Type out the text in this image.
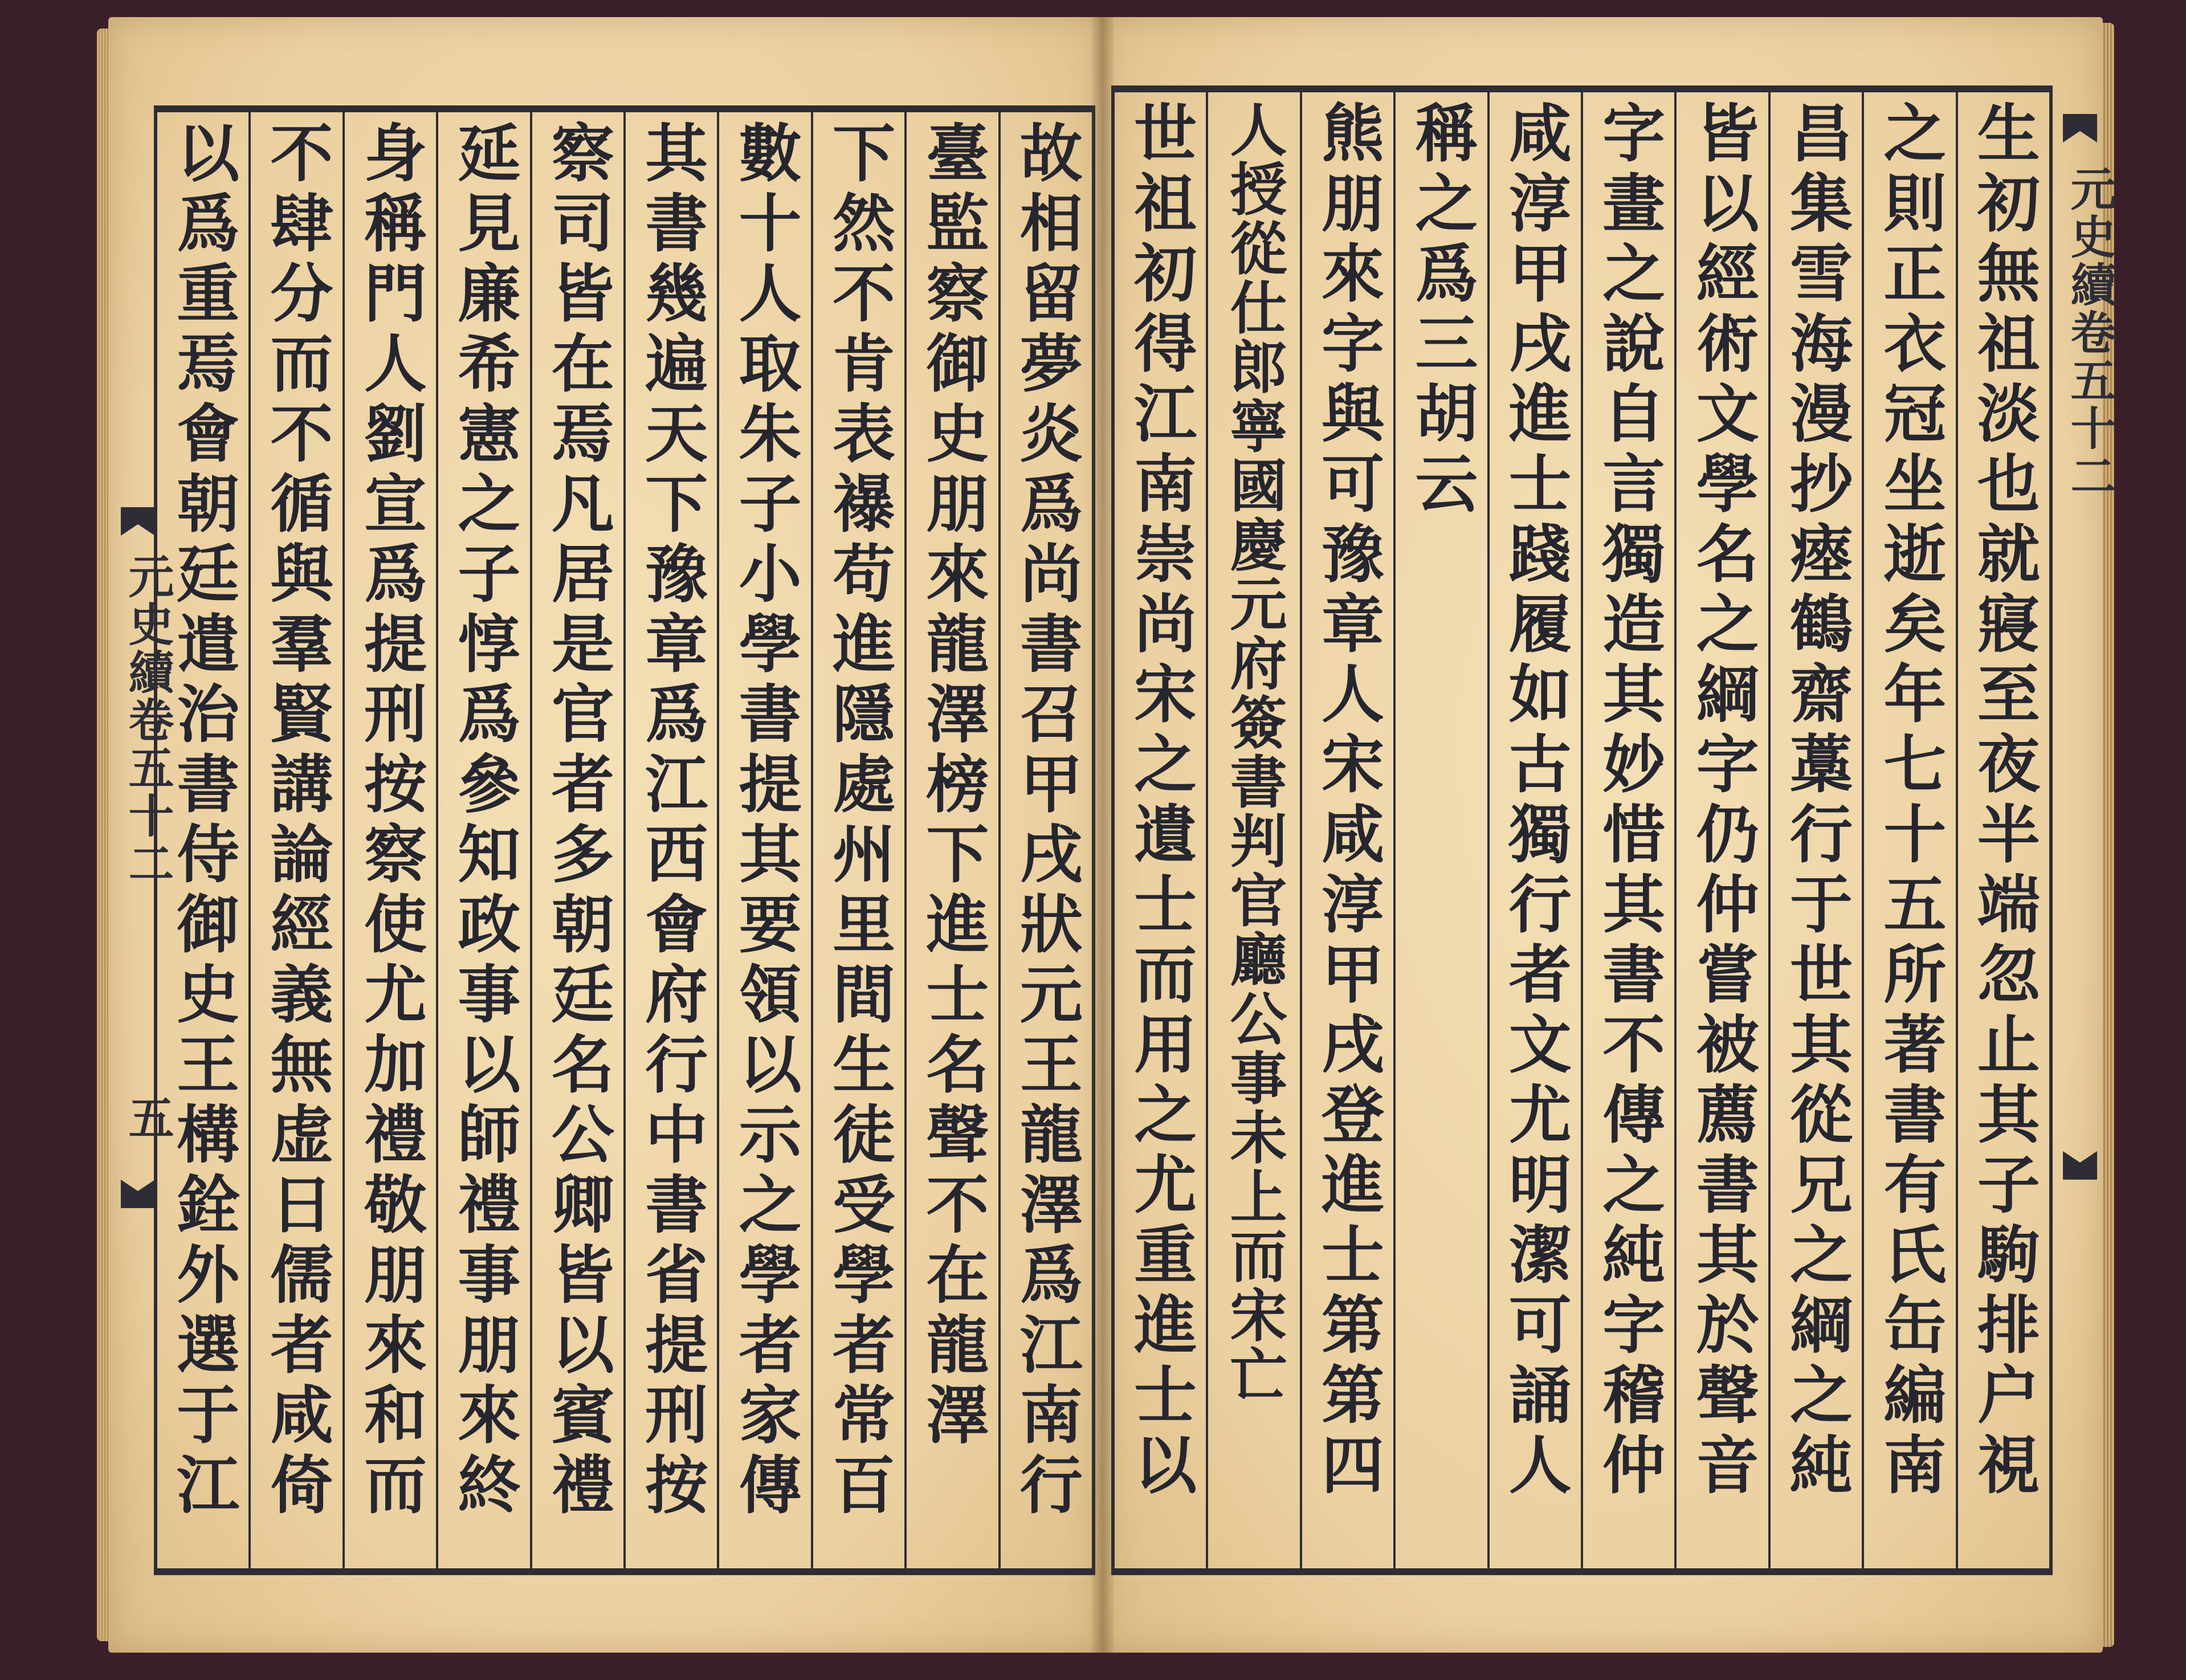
故相留夢炎爲尚書召甲戌狀元王龍澤爲江南行
臺監察御史朋來龍澤榜下進士名聲不在龍澤
下然不肯表襮苟進隱處州里間生徒受學者常百
數十人取朱子小學書提其要領以示之學者家傳
其書幾遍天下豫章爲江西會府行中書省提刑按
察司皆在焉凡居是官者多朝廷名公卿皆以賓禮
延見廉希憲之子惇爲參知政事以師禮事朋來終
身稱門人劉宣爲提刑按察使尤加禮敬朋來和而
不肆分而不循與羣賢講論經義無虚日儒者咸倚
以爲重焉會朝廷遣治書侍御史王構銓外選于江
元史續卷五十二
五	生初無祖淡也就寢至夜半端忽止其子駒排户視
之則正衣冠坐逝矣年七十五所著書有氏缶編南
昌集雪海漫抄瘞鶴齋藁行于世其從兄之綱之純
皆以經術文學名之綱字仍仲嘗被薦書其於聲音
字畫之說自言獨造其妙惜其書不傳之純字稽仲
咸淳甲戌進士踐履如古獨行者文尤明潔可誦人
稱之爲三胡云
熊朋來字與可豫章人宋咸淳甲戌登進士第第四
人授從仕郎寧國慶元府簽書判官廳公事未上而宋亡
世祖初得江南崇尚宋之遺士而用之尤重進士以	元史續卷五十二
